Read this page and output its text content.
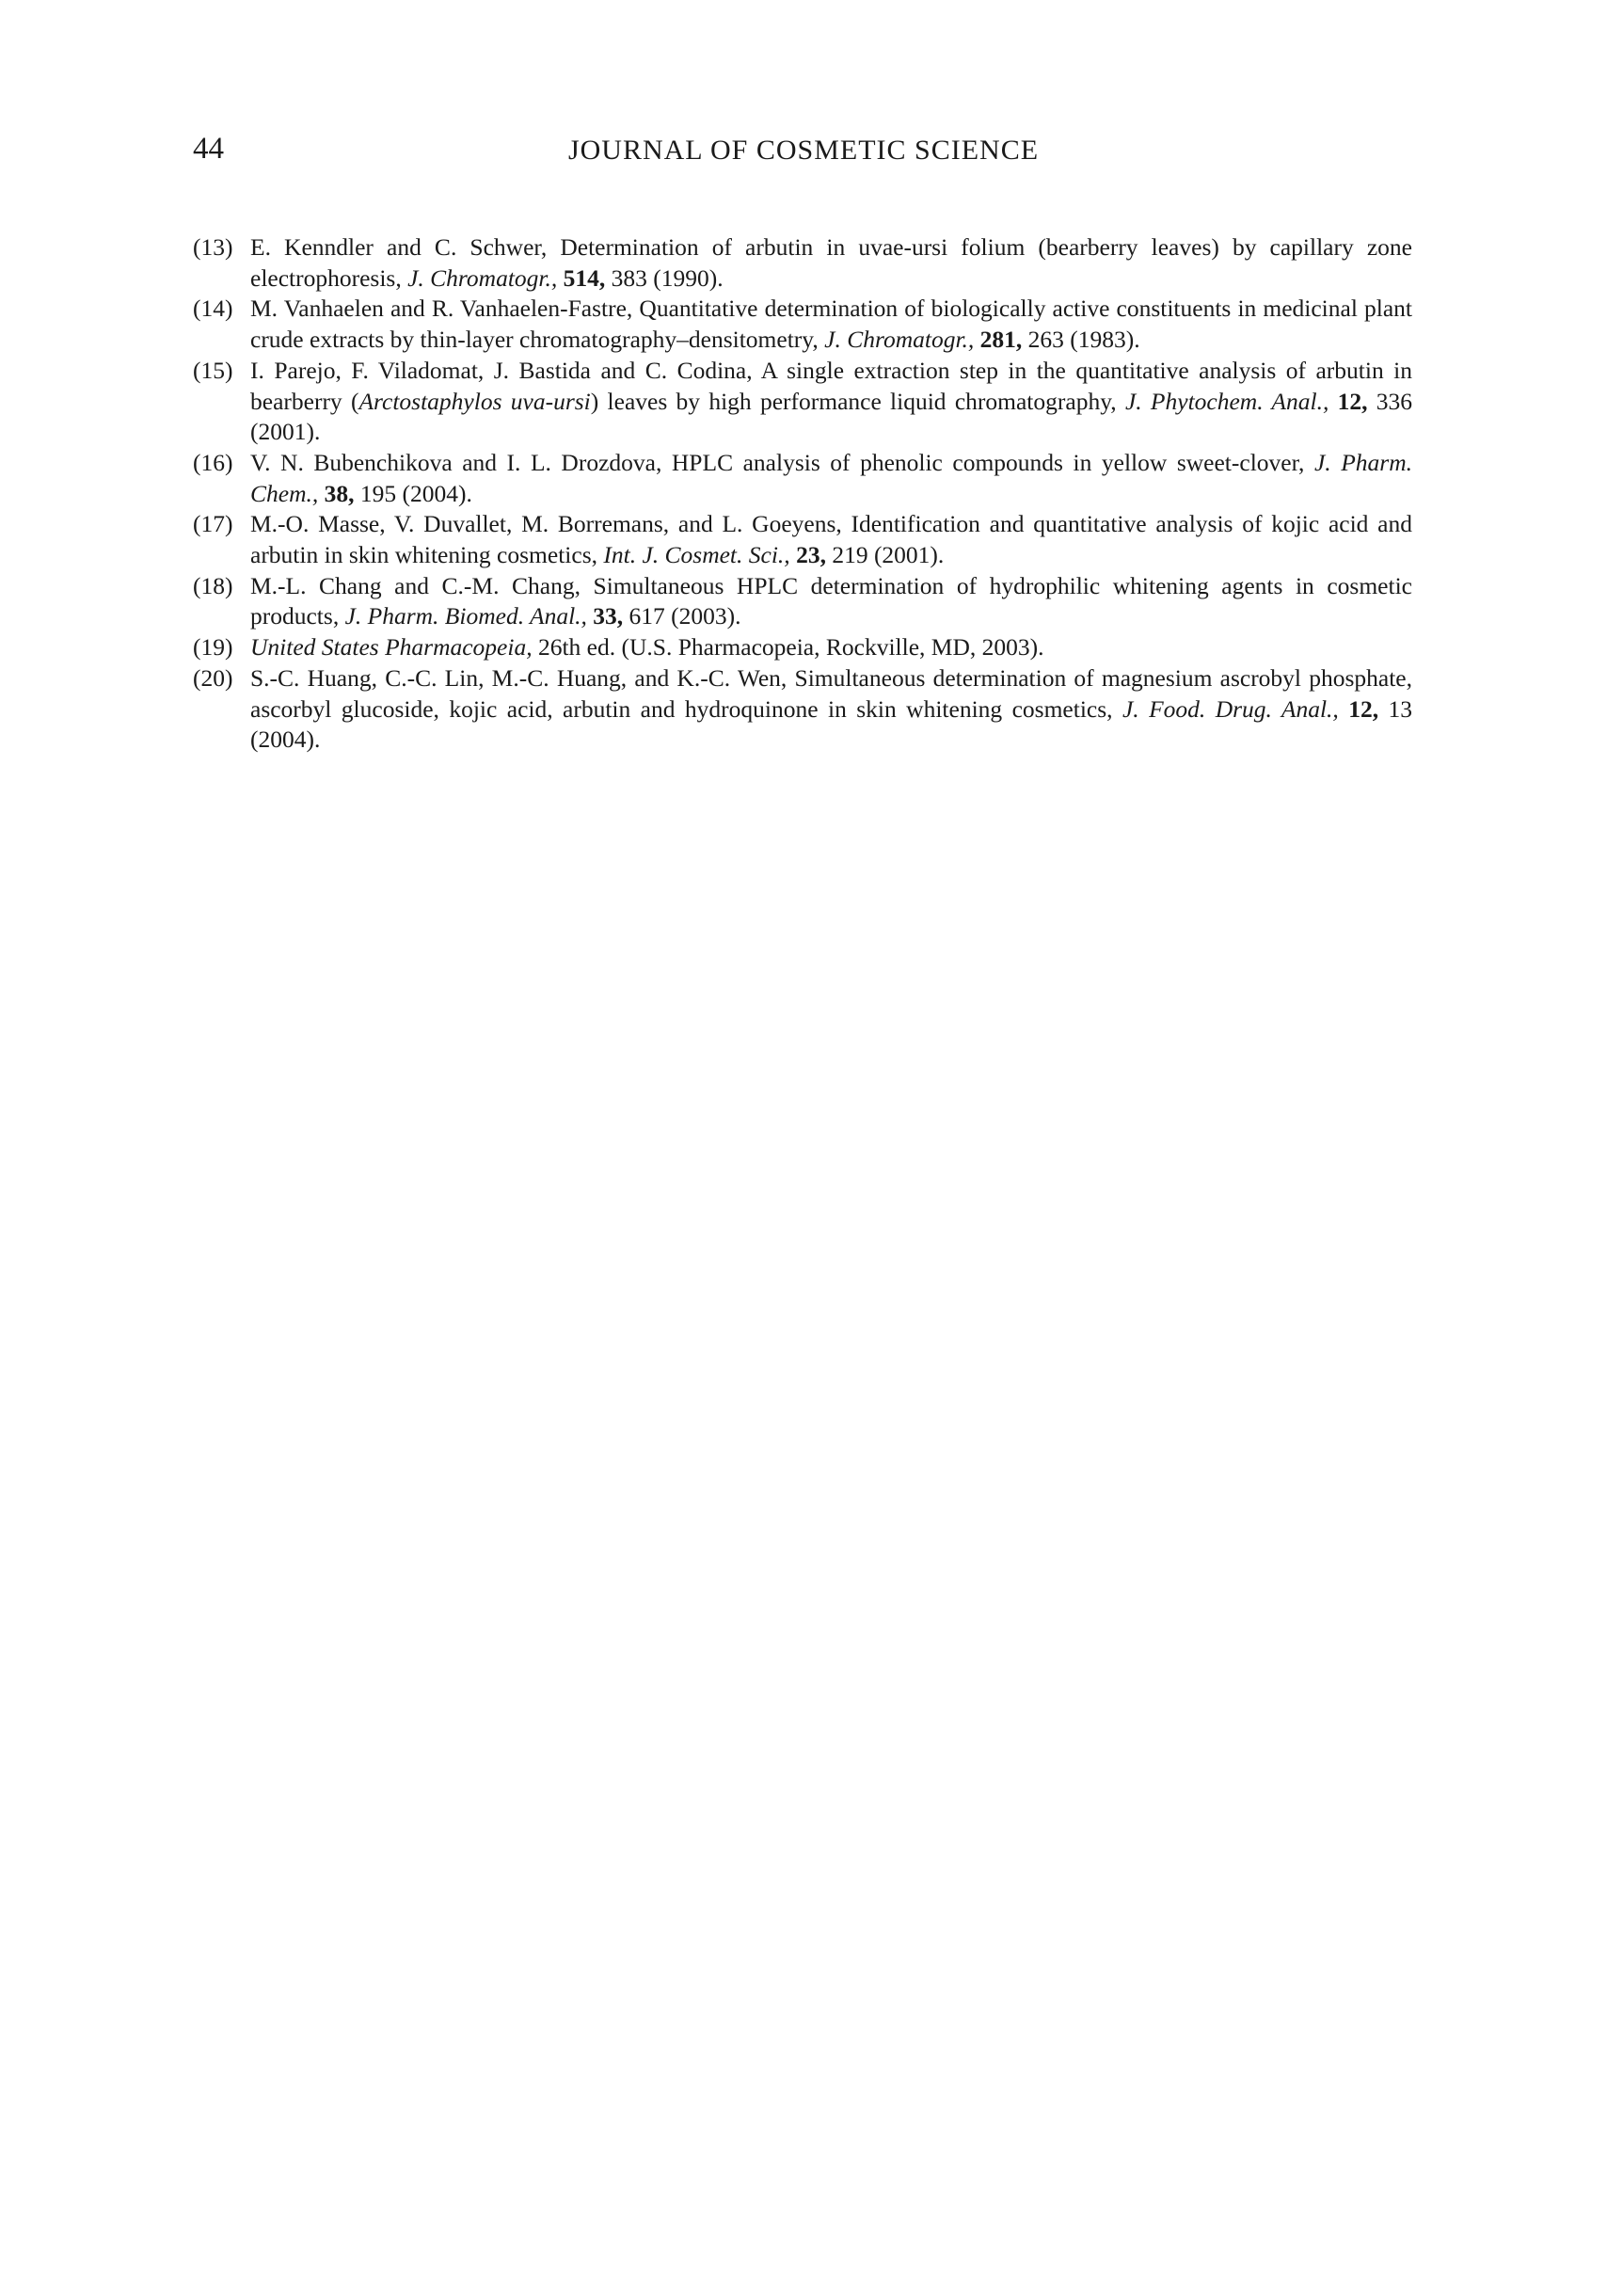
44	JOURNAL OF COSMETIC SCIENCE
(13) E. Kenndler and C. Schwer, Determination of arbutin in uvae-ursi folium (bearberry leaves) by capillary zone electrophoresis, J. Chromatogr., 514, 383 (1990).
(14) M. Vanhaelen and R. Vanhaelen-Fastre, Quantitative determination of biologically active constituents in medicinal plant crude extracts by thin-layer chromatography–densitometry, J. Chromatogr., 281, 263 (1983).
(15) I. Parejo, F. Viladomat, J. Bastida and C. Codina, A single extraction step in the quantitative analysis of arbutin in bearberry (Arctostaphylos uva-ursi) leaves by high performance liquid chromatography, J. Phytochem. Anal., 12, 336 (2001).
(16) V. N. Bubenchikova and I. L. Drozdova, HPLC analysis of phenolic compounds in yellow sweet-clover, J. Pharm. Chem., 38, 195 (2004).
(17) M.-O. Masse, V. Duvallet, M. Borremans, and L. Goeyens, Identification and quantitative analysis of kojic acid and arbutin in skin whitening cosmetics, Int. J. Cosmet. Sci., 23, 219 (2001).
(18) M.-L. Chang and C.-M. Chang, Simultaneous HPLC determination of hydrophilic whitening agents in cosmetic products, J. Pharm. Biomed. Anal., 33, 617 (2003).
(19) United States Pharmacopeia, 26th ed. (U.S. Pharmacopeia, Rockville, MD, 2003).
(20) S.-C. Huang, C.-C. Lin, M.-C. Huang, and K.-C. Wen, Simultaneous determination of magnesium ascrobyl phosphate, ascorbyl glucoside, kojic acid, arbutin and hydroquinone in skin whitening cosmetics, J. Food. Drug. Anal., 12, 13 (2004).
